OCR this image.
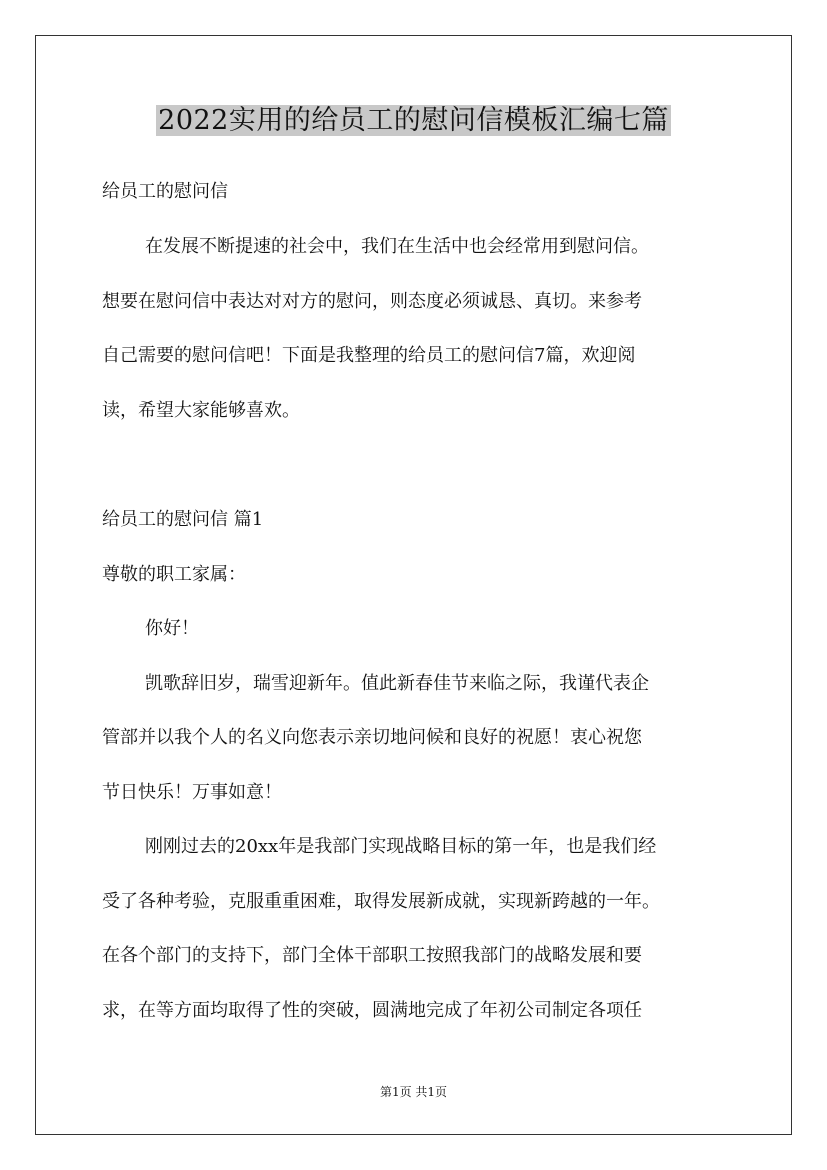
2022实用的给员工的慰问信模板汇编七篇

给员工的慰问信

在发展不断提速的社会中，我们在生活中也会经常用到慰问信。

想要在慰问信中表达对对方的慰问，则态度必须诚恳、真切。来参考

自己需要的慰问信吧！下面是我整理的给员工的慰问信7篇，欢迎阅

读，希望大家能够喜欢。

给员工的慰问信 篇1

尊敬的职工家属：

你好！

凯歌辞旧岁，瑞雪迎新年。值此新春佳节来临之际，我谨代表企

管部并以我个人的名义向您表示亲切地问候和良好的祝愿！衷心祝您

节日快乐！万事如意！

刚刚过去的20xx年是我部门实现战略目标的第一年，也是我们经

受了各种考验，克服重重困难，取得发展新成就，实现新跨越的一年。

在各个部门的支持下，部门全体干部职工按照我部门的战略发展和要

求，在等方面均取得了性的突破，圆满地完成了年初公司制定各项任

第1页 共1页
